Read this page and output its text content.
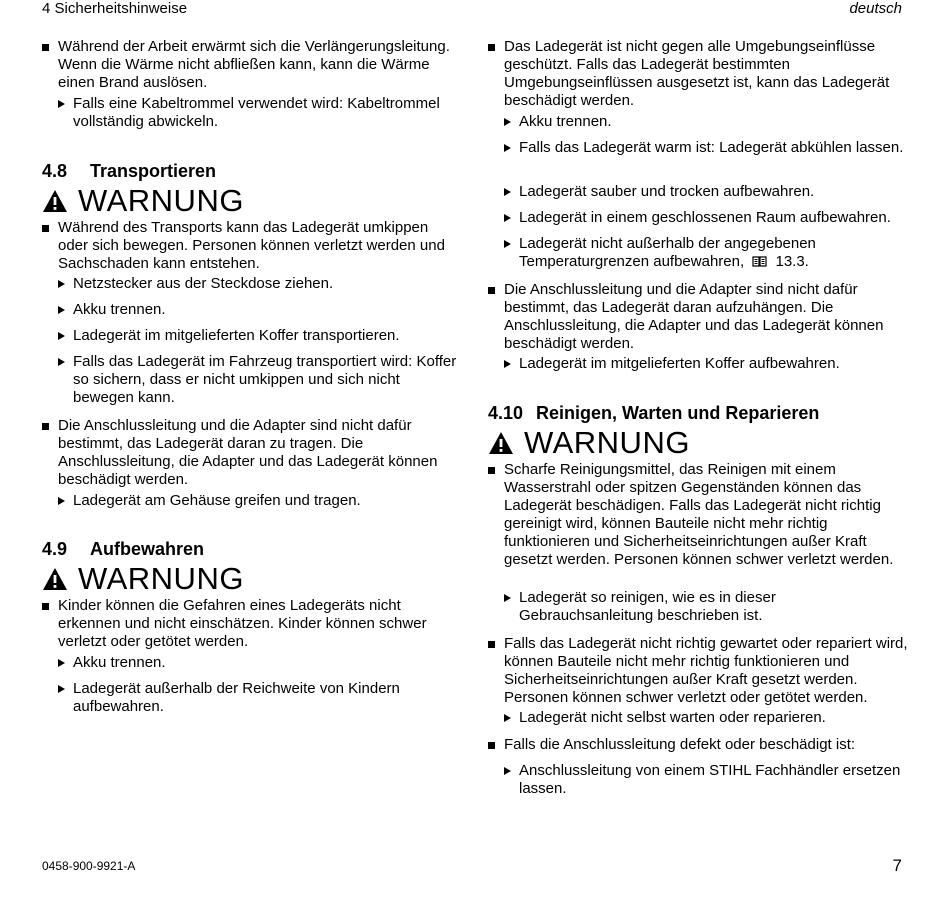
4 Sicherheitshinweise	deutsch

Während der Arbeit erwärmt sich die Verlängerungsleitung. Wenn die Wärme nicht abfließen kann, kann die Wärme einen Brand auslösen.

Falls eine Kabeltrommel verwendet wird: Kabeltrommel vollständig abwickeln.

4.8	Transportieren
WARNUNG

Während des Transports kann das Ladegerät umkippen oder sich bewegen. Personen können verletzt werden und Sachschaden kann entstehen.

Netzstecker aus der Steckdose ziehen.

Akku trennen.

Ladegerät im mitgelieferten Koffer transportieren.

Falls das Ladegerät im Fahrzeug transportiert wird: Koffer so sichern, dass er nicht umkippen und sich nicht bewegen kann.

Die Anschlussleitung und die Adapter sind nicht dafür bestimmt, das Ladegerät daran zu tragen. Die Anschlussleitung, die Adapter und das Ladegerät können beschädigt werden.

Ladegerät am Gehäuse greifen und tragen.

4.9	Aufbewahren
WARNUNG

Kinder können die Gefahren eines Ladegeräts nicht erkennen und nicht einschätzen. Kinder können schwer verletzt oder getötet werden.

Akku trennen.

Ladegerät außerhalb der Reichweite von Kindern aufbewahren.

Das Ladegerät ist nicht gegen alle Umgebungseinflüsse geschützt. Falls das Ladegerät bestimmten Umgebungseinflüssen ausgesetzt ist, kann das Ladegerät beschädigt werden.

Akku trennen.

Falls das Ladegerät warm ist: Ladegerät abkühlen lassen.

Ladegerät sauber und trocken aufbewahren.

Ladegerät in einem geschlossenen Raum aufbewahren.

Ladegerät nicht außerhalb der angegebenen Temperaturgrenzen aufbewahren, 13.3.

Die Anschlussleitung und die Adapter sind nicht dafür bestimmt, das Ladegerät daran aufzuhängen. Die Anschlussleitung, die Adapter und das Ladegerät können beschädigt werden.

Ladegerät im mitgelieferten Koffer aufbewahren.

4.10 Reinigen, Warten und Reparieren
WARNUNG

Scharfe Reinigungsmittel, das Reinigen mit einem Wasserstrahl oder spitzen Gegenständen können das Ladegerät beschädigen. Falls das Ladegerät nicht richtig gereinigt wird, können Bauteile nicht mehr richtig funktionieren und Sicherheitseinrichtungen außer Kraft gesetzt werden. Personen können schwer verletzt werden.

Ladegerät so reinigen, wie es in dieser Gebrauchsanleitung beschrieben ist.

Falls das Ladegerät nicht richtig gewartet oder repariert wird, können Bauteile nicht mehr richtig funktionieren und Sicherheitseinrichtungen außer Kraft gesetzt werden. Personen können schwer verletzt oder getötet werden.

Ladegerät nicht selbst warten oder reparieren.

Falls die Anschlussleitung defekt oder beschädigt ist:

Anschlussleitung von einem STIHL Fachhändler ersetzen lassen.

0458-900-9921-A	7
